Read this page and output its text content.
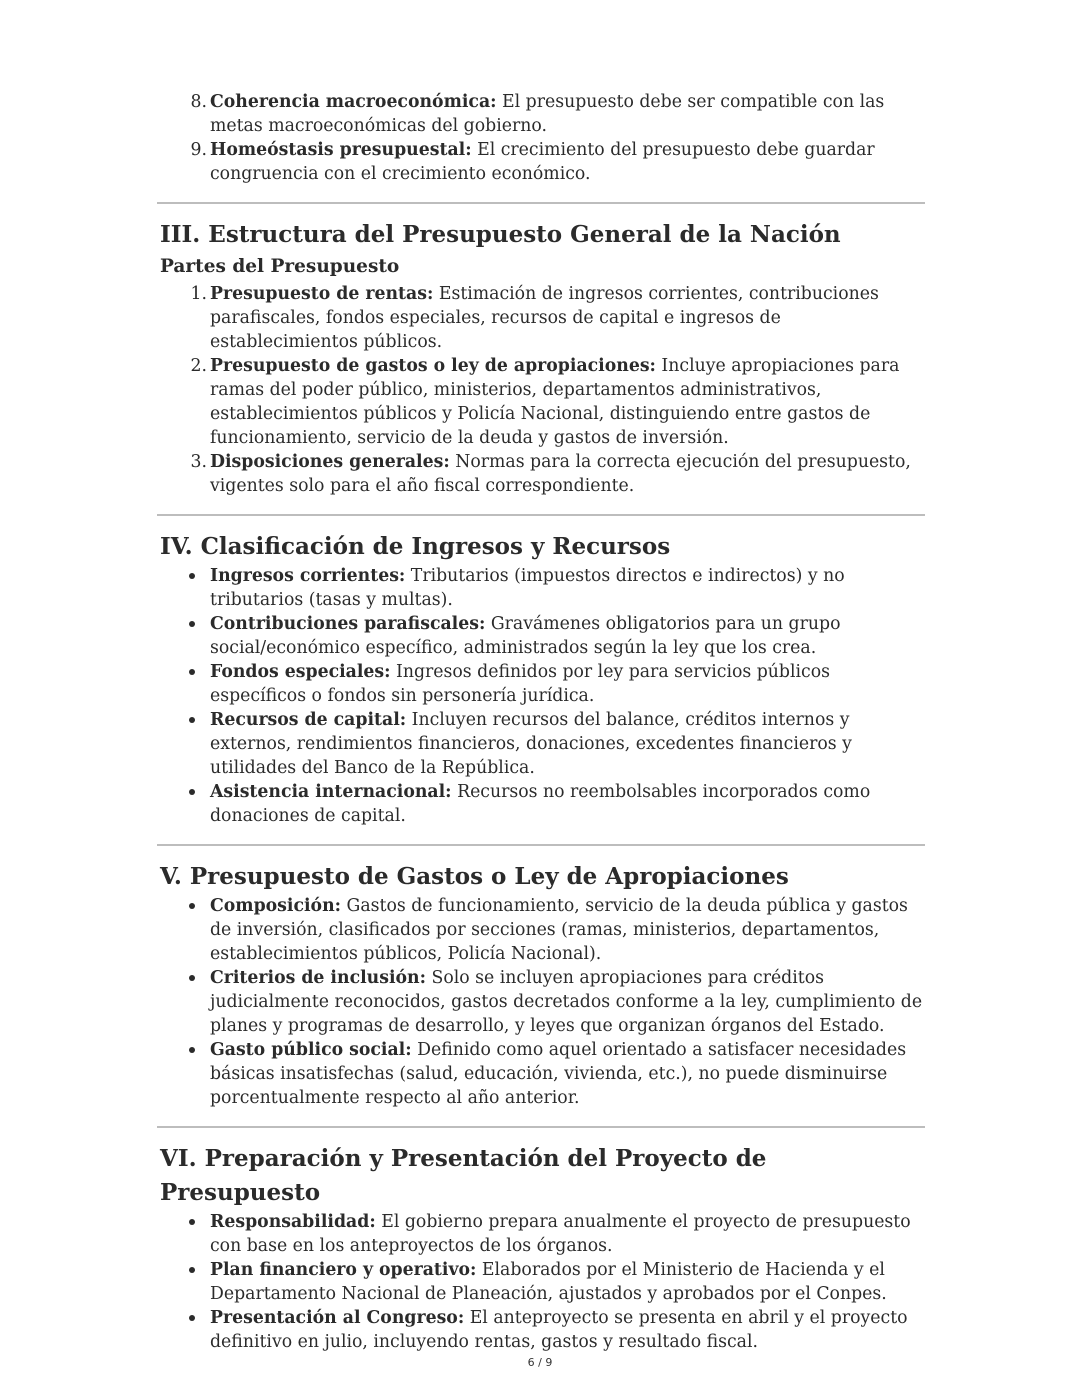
8. Coherencia macroeconómica: El presupuesto debe ser compatible con las metas macroeconómicas del gobierno.
9. Homeóstasis presupuestal: El crecimiento del presupuesto debe guardar congruencia con el crecimiento económico.
III. Estructura del Presupuesto General de la Nación
Partes del Presupuesto
1. Presupuesto de rentas: Estimación de ingresos corrientes, contribuciones parafiscales, fondos especiales, recursos de capital e ingresos de establecimientos públicos.
2. Presupuesto de gastos o ley de apropiaciones: Incluye apropiaciones para ramas del poder público, ministerios, departamentos administrativos, establecimientos públicos y Policía Nacional, distinguiendo entre gastos de funcionamiento, servicio de la deuda y gastos de inversión.
3. Disposiciones generales: Normas para la correcta ejecución del presupuesto, vigentes solo para el año fiscal correspondiente.
IV. Clasificación de Ingresos y Recursos
Ingresos corrientes: Tributarios (impuestos directos e indirectos) y no tributarios (tasas y multas).
Contribuciones parafiscales: Gravámenes obligatorios para un grupo social/económico específico, administrados según la ley que los crea.
Fondos especiales: Ingresos definidos por ley para servicios públicos específicos o fondos sin personería jurídica.
Recursos de capital: Incluyen recursos del balance, créditos internos y externos, rendimientos financieros, donaciones, excedentes financieros y utilidades del Banco de la República.
Asistencia internacional: Recursos no reembolsables incorporados como donaciones de capital.
V. Presupuesto de Gastos o Ley de Apropiaciones
Composición: Gastos de funcionamiento, servicio de la deuda pública y gastos de inversión, clasificados por secciones (ramas, ministerios, departamentos, establecimientos públicos, Policía Nacional).
Criterios de inclusión: Solo se incluyen apropiaciones para créditos judicialmente reconocidos, gastos decretados conforme a la ley, cumplimiento de planes y programas de desarrollo, y leyes que organizan órganos del Estado.
Gasto público social: Definido como aquel orientado a satisfacer necesidades básicas insatisfechas (salud, educación, vivienda, etc.), no puede disminuirse porcentualmente respecto al año anterior.
VI. Preparación y Presentación del Proyecto de Presupuesto
Responsabilidad: El gobierno prepara anualmente el proyecto de presupuesto con base en los anteproyectos de los órganos.
Plan financiero y operativo: Elaborados por el Ministerio de Hacienda y el Departamento Nacional de Planeación, ajustados y aprobados por el Conpes.
Presentación al Congreso: El anteproyecto se presenta en abril y el proyecto definitivo en julio, incluyendo rentas, gastos y resultado fiscal.
6 / 9
